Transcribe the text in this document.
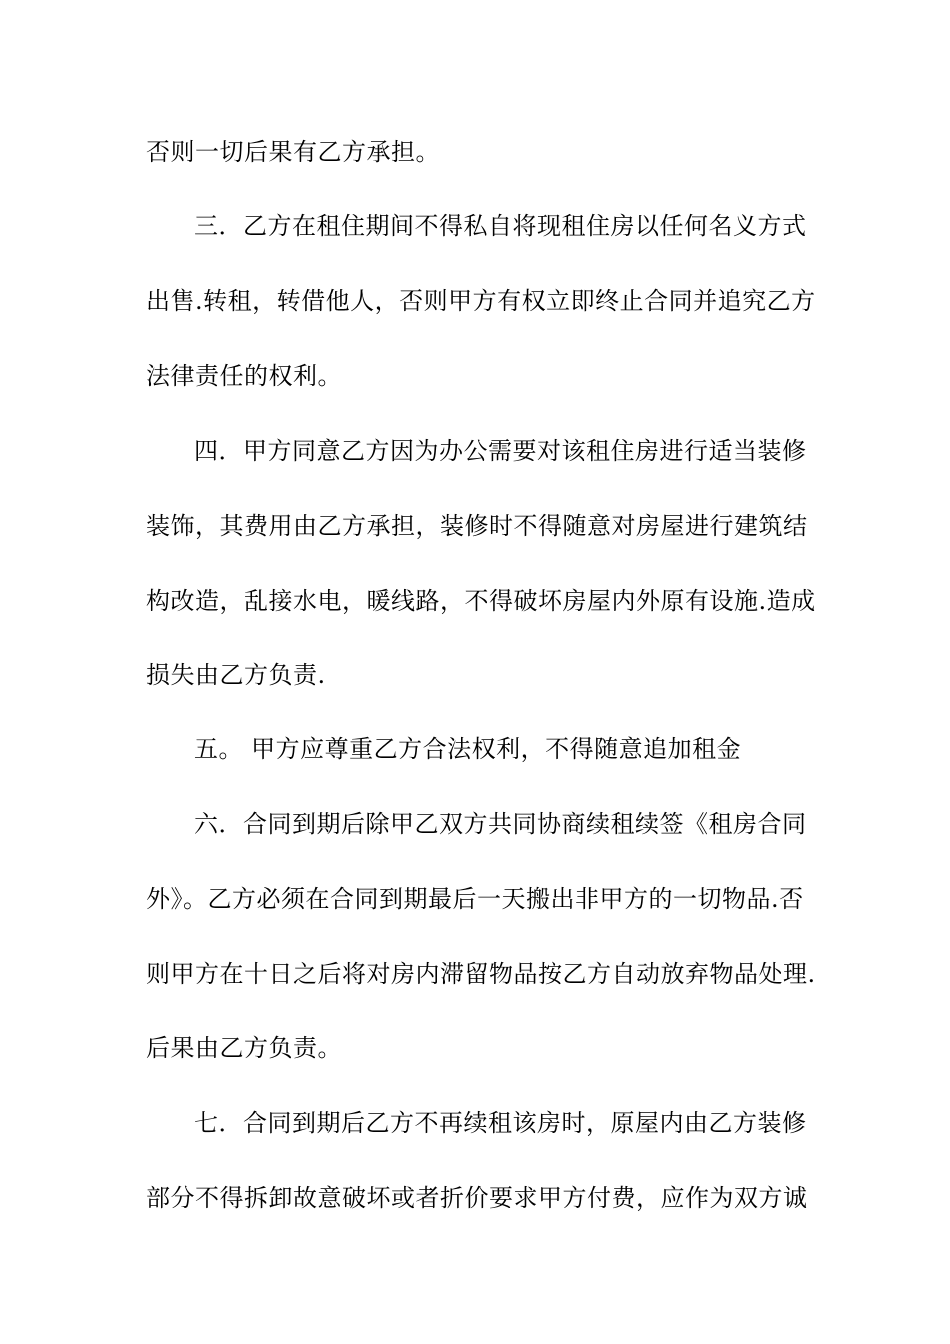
否则一切后果有乙方承担。
三．乙方在租住期间不得私自将现租住房以任何名义方式
出售.转租，转借他人，否则甲方有权立即终止合同并追究乙方
法律责任的权利。
四．甲方同意乙方因为办公需要对该租住房进行适当装修
装饰，其费用由乙方承担，装修时不得随意对房屋进行建筑结
构改造，乱接水电，暖线路，不得破坏房屋内外原有设施.造成
损失由乙方负责.
五。 甲方应尊重乙方合法权利，不得随意追加租金
六．合同到期后除甲乙双方共同协商续租续签《租房合同
外》。乙方必须在合同到期最后一天搬出非甲方的一切物品.否
则甲方在十日之后将对房内滞留物品按乙方自动放弃物品处理.
后果由乙方负责。
七．合同到期后乙方不再续租该房时，原屋内由乙方装修
部分不得拆卸故意破坏或者折价要求甲方付费，应作为双方诚
